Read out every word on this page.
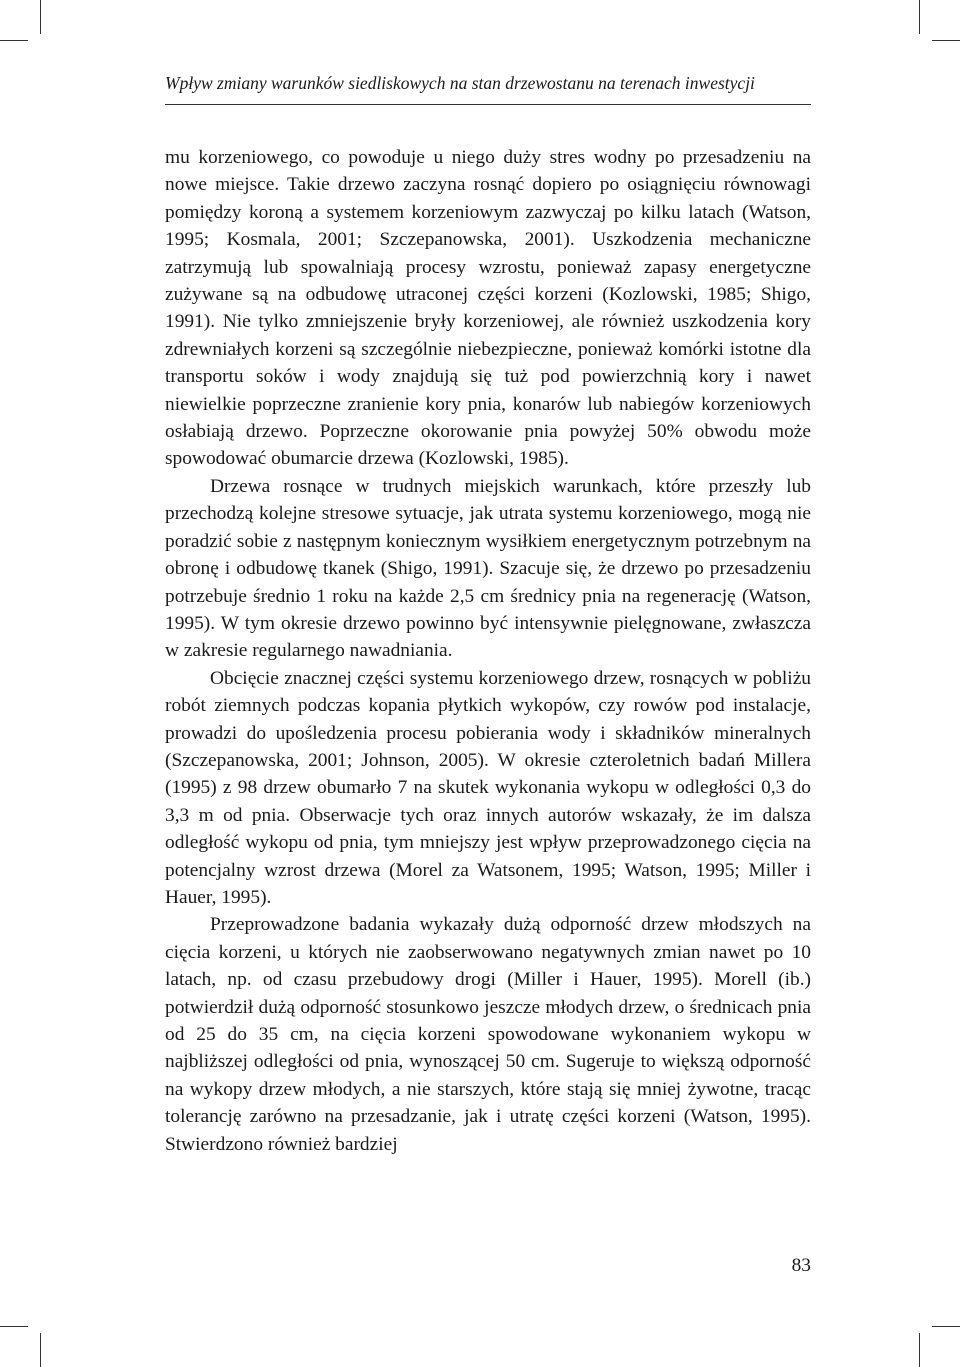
Wpływ zmiany warunków siedliskowych na stan drzewostanu na terenach inwestycji

mu korzeniowego, co powoduje u niego duży stres wodny po przesadzeniu na nowe miejsce. Takie drzewo zaczyna rosnąć dopiero po osiągnięciu równowagi pomiędzy koroną a systemem korzeniowym zazwyczaj po kilku latach (Watson, 1995; Kosmala, 2001; Szczepanowska, 2001). Uszkodzenia mechaniczne zatrzymują lub spowalniają procesy wzrostu, ponieważ zapasy energetyczne zużywane są na odbudowę utraconej części korzeni (Kozlowski, 1985; Shigo, 1991). Nie tylko zmniejszenie bryły korzeniowej, ale również uszkodzenia kory zdrewniałych korzeni są szczególnie niebezpieczne, ponieważ komórki istotne dla transportu soków i wody znajdują się tuż pod powierzchnią kory i nawet niewielkie poprzeczne zranienie kory pnia, konarów lub nabiegów korzeniowych osłabiają drzewo. Poprzeczne okorowanie pnia powyżej 50% obwodu może spowodować obumarcie drzewa (Kozlowski, 1985).

Drzewa rosnące w trudnych miejskich warunkach, które przeszły lub przechodzą kolejne stresowe sytuacje, jak utrata systemu korzeniowego, mogą nie poradzić sobie z następnym koniecznym wysiłkiem energetycznym potrzebnym na obronę i odbudowę tkanek (Shigo, 1991). Szacuje się, że drzewo po przesadzeniu potrzebuje średnio 1 roku na każde 2,5 cm średnicy pnia na regenerację (Watson, 1995). W tym okresie drzewo powinno być intensywnie pielęgnowane, zwłaszcza w zakresie regularnego nawadniania.

Obcięcie znacznej części systemu korzeniowego drzew, rosnących w pobliżu robót ziemnych podczas kopania płytkich wykopów, czy rowów pod instalacje, prowadzi do upośledzenia procesu pobierania wody i składników mineralnych (Szczepanowska, 2001; Johnson, 2005). W okresie czteroletnich badań Millera (1995) z 98 drzew obumarło 7 na skutek wykonania wykopu w odległości 0,3 do 3,3 m od pnia. Obserwacje tych oraz innych autorów wskazały, że im dalsza odległość wykopu od pnia, tym mniejszy jest wpływ przeprowadzonego cięcia na potencjalny wzrost drzewa (Morel za Watsonem, 1995; Watson, 1995; Miller i Hauer, 1995).

Przeprowadzone badania wykazały dużą odporność drzew młodszych na cięcia korzeni, u których nie zaobserwowano negatywnych zmian nawet po 10 latach, np. od czasu przebudowy drogi (Miller i Hauer, 1995). Morell (ib.) potwierdził dużą odporność stosunkowo jeszcze młodych drzew, o średnicach pnia od 25 do 35 cm, na cięcia korzeni spowodowane wykonaniem wykopu w najbliższej odległości od pnia, wynoszącej 50 cm. Sugeruje to większą odporność na wykopy drzew młodych, a nie starszych, które stają się mniej żywotne, tracąc tolerancję zarówno na przesadzanie, jak i utratę części korzeni (Watson, 1995). Stwierdzono również bardziej

83
